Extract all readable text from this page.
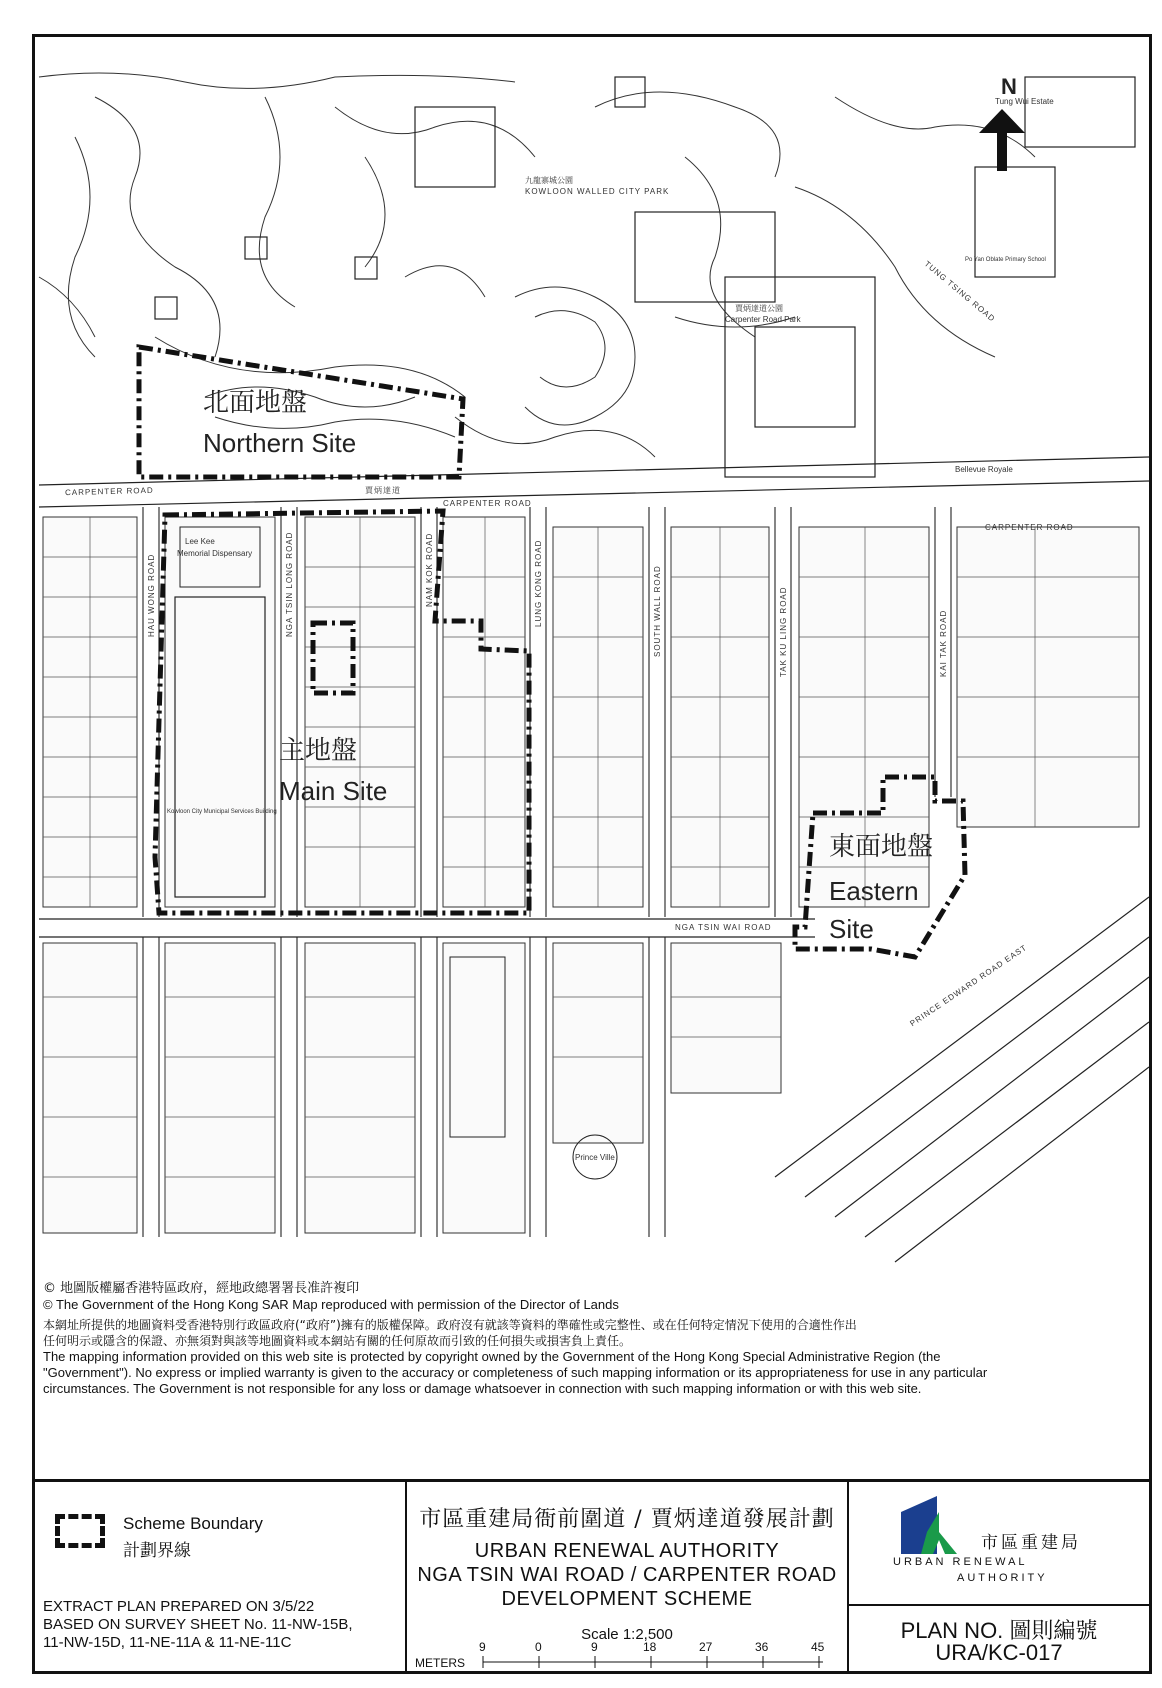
N
北面地盤
Northern Site
主地盤
Main Site
東面地盤
Eastern
Site
CARPENTER ROAD	賈炳達道
CARPENTER ROAD
CARPENTER ROAD
NGA TSIN WAI ROAD
HAU WONG ROAD	NGA TSIN LONG ROAD	NAM KOK ROAD	LUNG KONG ROAD	SOUTH WALL ROAD	TAK KU LING ROAD	KAI TAK ROAD
TUNG TSING ROAD
PRINCE EDWARD ROAD EAST
九龍寨城公園
KOWLOON WALLED CITY PARK
賈炳達道公園
Carpenter Road Park
Tung Wui Estate
Bellevue Royale
Lee Kee
Memorial Dispensary
Kowloon City Municipal Services Building
Prince Ville
Po Yan Oblate Primary School
© 地圖版權屬香港特區政府，經地政總署署長准許複印
© The Government of the Hong Kong SAR Map reproduced with permission of the Director of Lands
本網址所提供的地圖資料受香港特別行政區政府(“政府”)擁有的版權保障。政府沒有就該等資料的準確性或完整性、或在任何特定情況下使用的合適性作出
任何明示或隱含的保證、亦無須對與該等地圖資料或本網站有關的任何原故而引致的任何損失或損害負上責任。
The mapping information provided on this web site is protected by copyright owned by the Government of the Hong Kong Special Administrative Region (the
"Government"). No express or implied warranty is given to the accuracy or completeness of such mapping information or its appropriateness for use in any particular
circumstances. The Government is not responsible for any loss or damage whatsoever in connection with such mapping information or with this web site.
Scheme Boundary
計劃界線
EXTRACT PLAN PREPARED ON 3/5/22
BASED ON SURVEY SHEET No. 11-NW-15B,
11-NW-15D, 11-NE-11A & 11-NE-11C
市區重建局衙前圍道 / 賈炳達道發展計劃
URBAN RENEWAL AUTHORITY
NGA TSIN WAI ROAD / CARPENTER ROAD
DEVELOPMENT SCHEME
Scale 1:2,500
METERS
9	0	9	18	27	36	45
市區重建局
URBAN RENEWAL
AUTHORITY
PLAN NO. 圖則編號
URA/KC-017
